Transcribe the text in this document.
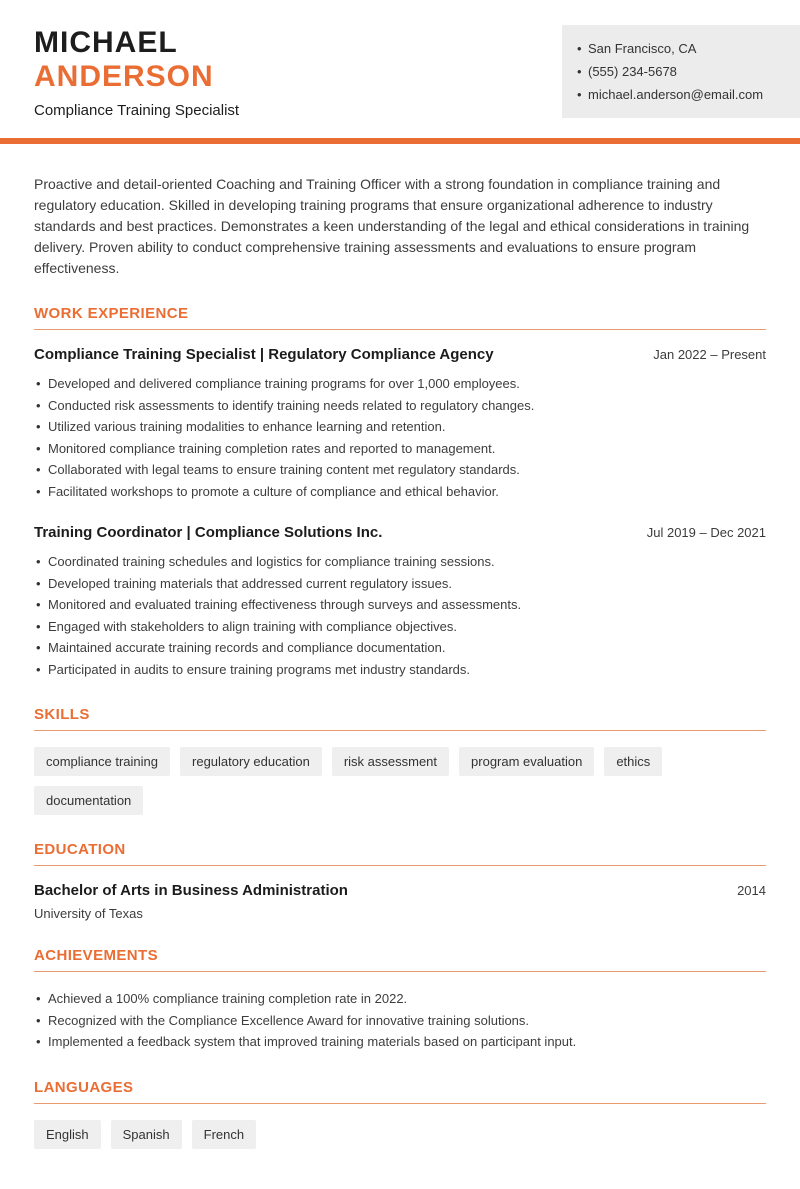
MICHAEL
ANDERSON
Compliance Training Specialist
• San Francisco, CA
• (555) 234-5678
• michael.anderson@email.com

Proactive and detail-oriented Coaching and Training Officer with a strong foundation in compliance training and regulatory education. Skilled in developing training programs that ensure organizational adherence to industry standards and best practices. Demonstrates a keen understanding of the legal and ethical considerations in training delivery. Proven ability to conduct comprehensive training assessments and evaluations to ensure program effectiveness.

WORK EXPERIENCE
Compliance Training Specialist | Regulatory Compliance Agency	Jan 2022 – Present
• Developed and delivered compliance training programs for over 1,000 employees.
• Conducted risk assessments to identify training needs related to regulatory changes.
• Utilized various training modalities to enhance learning and retention.
• Monitored compliance training completion rates and reported to management.
• Collaborated with legal teams to ensure training content met regulatory standards.
• Facilitated workshops to promote a culture of compliance and ethical behavior.
Training Coordinator | Compliance Solutions Inc.	Jul 2019 – Dec 2021
• Coordinated training schedules and logistics for compliance training sessions.
• Developed training materials that addressed current regulatory issues.
• Monitored and evaluated training effectiveness through surveys and assessments.
• Engaged with stakeholders to align training with compliance objectives.
• Maintained accurate training records and compliance documentation.
• Participated in audits to ensure training programs met industry standards.
SKILLS
compliance training	regulatory education	risk assessment	program evaluation	ethics
documentation
EDUCATION
Bachelor of Arts in Business Administration	2014
University of Texas
ACHIEVEMENTS
• Achieved a 100% compliance training completion rate in 2022.
• Recognized with the Compliance Excellence Award for innovative training solutions.
• Implemented a feedback system that improved training materials based on participant input.
LANGUAGES
English	Spanish	French
